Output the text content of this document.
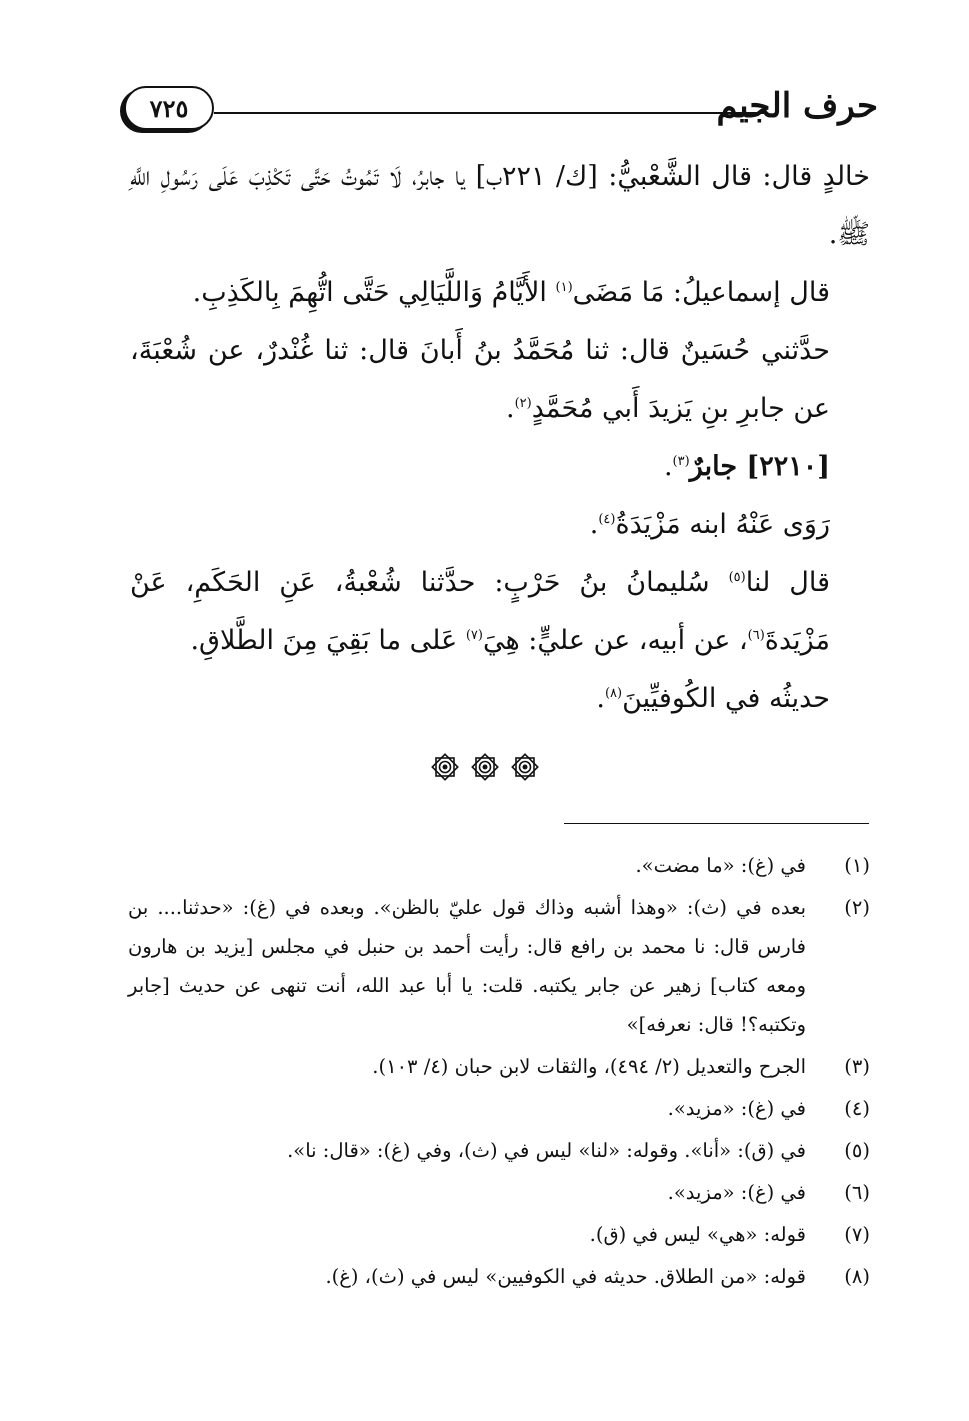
حرف الجيم
٧٢٥

خالدٍ قال: قال الشَّعْبيُّ: [ك/ ٢٢١ب] يا جابرُ، لَا تَمُوتُ حَتَّى تَكْذِبَ عَلَى رَسُولِ اللَّهِ ﷺ.

قال إسماعيلُ: مَا مَضَى$^{(١)}$ الأَيَّامُ وَاللَّيَالِي حَتَّى اتُّهِمَ بِالكَذِبِ.

حدَّثني حُسَينٌ قال: ثنا مُحَمَّدُ بنُ أَبانَ قال: ثنا غُنْدرٌ، عن شُعْبَةَ، عن جابرِ بنِ يَزيدَ أَبي مُحَمَّدٍ$^{(٢)}$.

[٢٢١٠] جابرٌ$^{(٣)}$.

رَوَى عَنْهُ ابنه مَزْيَدَةُ$^{(٤)}$.

قال لنا$^{(٥)}$ سُليمانُ بنُ حَرْبٍ: حدَّثنا شُعْبةُ، عَنِ الحَكَمِ، عَنْ مَزْيَدةَ$^{(٦)}$، عن أبيه، عن عليٍّ: هِيَ$^{(٧)}$ عَلى ما بَقِيَ مِنَ الطَّلاقِ.

حديثُه في الكُوفيِّينَ$^{(٨)}$.

(١)
في (غ): «ما مضت».
(٢)
بعده في (ث): «وهذا أشبه وذاك قول عليّ بالظن». وبعده في (غ): «حدثنا.... بن فارس قال: نا محمد بن رافع قال: رأيت أحمد بن حنبل في مجلس [يزيد بن هارون ومعه كتاب] زهير عن جابر يكتبه. قلت: يا أبا عبد الله، أنت تنهى عن حديث [جابر وتكتبه؟! قال: نعرفه]»
(٣)
الجرح والتعديل (٢/ ٤٩٤)، والثقات لابن حبان (٤/ ١٠٣).
(٤)
في (غ): «مزيد».
(٥)
في (ق): «أنا». وقوله: «لنا» ليس في (ث)، وفي (غ): «قال: نا».
(٦)
في (غ): «مزيد».
(٧)
قوله: «هي» ليس في (ق).
(٨)
قوله: «من الطلاق. حديثه في الكوفيين» ليس في (ث)، (غ).
